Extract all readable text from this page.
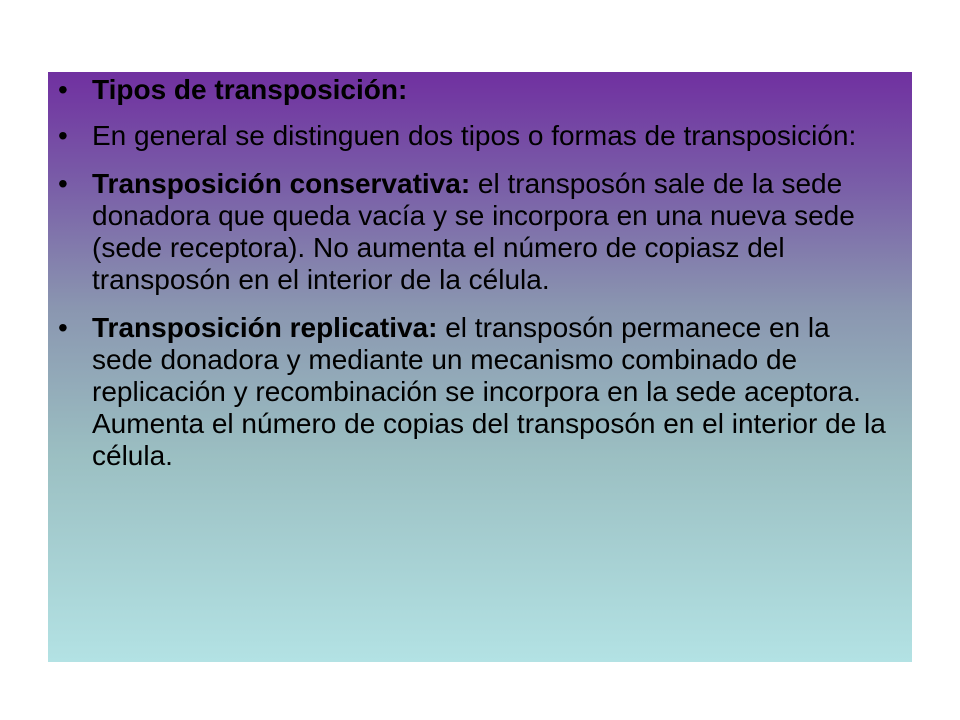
• Tipos de transposición:
• En general se distinguen dos tipos o formas de transposición:
• Transposición conservativa: el transposón sale de la sede donadora que queda vacía y se incorpora en una nueva sede (sede receptora). No aumenta el número de copiasz del transposón en el interior de la célula.
• Transposición replicativa: el transposón permanece en la sede donadora y mediante un mecanismo combinado de replicación y recombinación se incorpora en la sede aceptora. Aumenta el número de copias del transposón en el interior de la célula.
